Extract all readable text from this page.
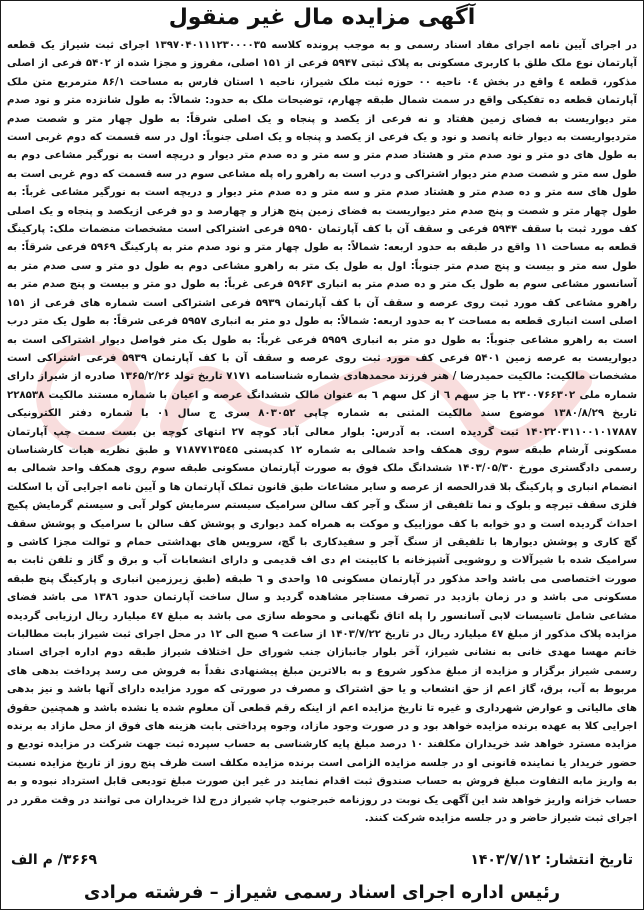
آگهی مزایده مال غیر منقول
در اجرای آیین نامه اجرای مفاد اسناد رسمی و به موجب پرونده کلاسه ۱۳۹۷۰۴۰۱۱۱۲۳۰۰۰۰۳۵ اجرای ثبت شیراز یک قطعه آپارتمان نوع ملک طلق با کاربری مسکونی به پلاک ثبتی ۵۹۴۷ فرعی از ۱۵۱ اصلی، مفروز و مجزا شده از ۵۴۰۲ فرعی از اصلی مذکور، قطعه ٤ واقع در بخش ٠٤ ناحیه ٠٠ حوزه ثبت ملک شیراز، ناحیه ۱ استان فارس به مساحت ۸۶/۱ مترمربع متن ملک آپارتمان قطعه ده تفکیکی واقع در سمت شمال طبقه چهارم، توضیحات ملک به حدود: شمالاً: به طول شانزده متر و نود صدم متر دیواریست به فضای زمین هفتاد و نه فرعی از یکصد و پنجاه و یک اصلی شرقاً: به طول چهار متر و شصت صدم متردیواریست به دیوار خانه پانصد و نود و یک فرعی از یکصد و پنجاه و یک اصلی جنوباً: اول در سه قسمت که دوم غربی است به طول های دو متر و نود صدم متر و هشتاد صدم متر و سه متر و ده صدم متر دیوار و دریچه است به نورگیر مشاعی دوم به طول سه متر و شصت صدم متر دیوار اشتراکی و درب است به راهرو راه پله مشاعی سوم در سه قسمت که دوم غربی است به طول های سه متر و ده صدم متر و هشتاد صدم متر و سه متر و ده صدم متر دیوار و دریچه است به نورگیر مشاعی غرباً: به طول چهار متر و شصت و پنج صدم متر دیواریست به فضای زمین پنج هزار و چهارصد و دو فرعی ازیکصد و پنجاه و یک اصلی کف مورد ثبت با سقف ۵۹۴۴ فرعی و سقف آن با کف آپارتمان ۵۹۵۰ فرعی اشتراکی است مشخصات منضمات ملک: پارکینگ قطعه به مساحت ۱۱ واقع در طبقه به حدود اربعه: شمالاً: به طول چهار متر و نود صدم متر به پارکینگ ۵۹۶۹ فرعی شرقاً: به طول سه متر و بیست و پنج صدم متر جنوباً: اول به طول یک متر به راهرو مشاعی دوم به طول دو متر و سی صدم متر به آسانسور مشاعی سوم به طول یک متر و ده صدم متر به انباری ۵۹۶۳ فرعی غرباً: به طول دو متر و بیست و پنج صدم متر به راهرو مشاعی کف مورد ثبت روی عرصه و سقف آن با کف آپارتمان ۵۹۳۹ فرعی اشتراکی است شماره های فرعی از ۱۵۱ اصلی است انباری قطعه به مساحت ۲ به حدود اربعه: شمالاً: به طول دو متر به انباری ۵۹۵۷ فرعی شرقاً: به طول یک متر درب است به راهرو مشاعی جنوباً: به طول دو متر به انباری ۵۹۵۹ فرعی غرباً: به طول یک متر فواصل دیوار اشتراکی است به دیواریست به عرصه زمین ۵۴۰۱ فرعی کف مورد ثبت روی عرصه و سقف آن با کف آپارتمان ۵۹۳۹ فرعی اشتراکی است مشخصات مالکیت: مالکیت حمیدرضا / هنر فرزند محمدهادی شماره شناسنامه ۷۱۷۱ تاریخ تولد ۱۳۶۵/۲/۲۶ صادره از شیراز دارای شماره ملی ۲۳۰۰۷۶۶۳۰۲ با جز سهم ٦ از کل سهم ٦ به عنوان مالک ششدانگ عرصه و اعیان با شماره مستند مالکیت ۲۲۸۵۳۸ تاریخ ۱۳۸۰/۸/۲۹ موضوع سند مالکیت المثنی به شماره چاپی ۸۰۳۰۵۲ سری ج سال ۰۱ با شماره دفتر الکترونیکی ۱۴۰۲۲۰۳۱۱۰۰۱۰۱۷۸۸۷ ثبت گردیده است. به آدرس: بلوار معالی آباد کوچه ۲۷ انتهای کوچه بن بست سمت چپ آپارتمان مسکونی آرشام طبقه سوم روی همکف واحد شمالی به شماره ۱۲ کدپستی ۷۱۸۷۷۱۳۵٤۵ و طبق نظریه هیات کارشناسان رسمی دادگستری مورخ ۱۴۰۳/۰۵/۳۰ ششدانگ ملک فوق به صورت آپارتمان مسکونی طبقه سوم روی همکف واحد شمالی به انضمام انباری و پارکینگ بلا قدرالحصه از عرصه و سایر مشاعات طبق قانون تملک آپارتمان ها و آیین نامه اجرایی آن با اسکلت فلزی سقف تیرچه و بلوک و نما تلفیقی از سنگ و آجر کف سالن سرامیک سیستم سرمایش کولر آبی و سیستم گرمایش پکیج احداث گردیده است و دو خوابه با کف موزاییک و موکت به همراه کمد دیواری و پوشش کف سالن با سرامیک و پوشش سقف گچ کاری و پوشش دیوارها با تلفیقی از سنگ آجر و سفیدکاری با گچ، سرویس های بهداشتی حمام و توالت مجزا کاشی و سرامیک شده با شیرآلات و روشویی آشپزخانه با کابینت ام دی اف قدیمی و دارای انشعابات آب و برق و گاز و تلفن ثابت به صورت اختصاصی می باشد واحد مذکور در آپارتمان مسکونی ۱۵ واحدی و ٦ طبقه (طبق زیرزمین انباری و پارکینگ پنج طبقه مسکونی می باشد و در زمان بازدید در تصرف مستاجر مشاهده گردید و سال ساخت آپارتمان حدود ۱۳۸٦ می باشد فضای مشاعی شامل تاسیسات لابی آسانسور را پله اتاق نگهبانی و محوطه سازی می باشد به مبلغ ٤۷ میلیارد ریال ارزیابی گردیده مزایده پلاک مذکور از مبلغ ٤۷ میلیارد ریال در تاریخ ۱۴۰۳/۷/۲۲ از ساعت ۹ صبح الی ۱۲ در محل اجرای ثبت شیراز بابت مطالبات خانم مهسا مهدی خانی به نشانی شیراز، آخر بلوار جانبازان جنب شورای حل اختلاف شیراز طبقه دوم اداره اجرای اسناد رسمی شیراز برگزار و مزایده از مبلغ مذکور شروع و به بالاترین مبلغ پیشنهادی نقداً به فروش می رسد پرداخت بدهی های مربوط به آب، برق، گاز اعم از حق انشعاب و یا حق اشتراک و مصرف در صورتی که مورد مزایده دارای آنها باشد و نیز بدهی های مالیاتی و عوارض شهرداری و غیره تا تاریخ مزایده اعم از اینکه رقم قطعی آن معلوم شده یا نشده باشد و همچنین حقوق اجرایی کلا به عهده برنده مزایده خواهد بود و در صورت وجود مازاد، وجوه پرداختی بابت هزینه های فوق از محل مازاد به برنده مزایده مسترد خواهد شد خریداران مکلفند ۱۰ درصد مبلغ پایه کارشناسی به حساب سپرده ثبت جهت شرکت در مزایده تودیع و حضور خریدار یا نماینده قانونی او در جلسه مزایده الزامی است برنده مزایده مکلف است ظرف پنج روز از تاریخ مزایده نسبت به واریز مابه التفاوت مبلغ فروش به حساب صندوق ثبت اقدام نمایند در غیر این صورت مبلغ تودیعی قابل استرداد نبوده و به حساب خزانه واریز خواهد شد این آگهی یک نوبت در روزنامه خبرجنوب چاپ شیراز درج لذا خریداران می توانند در وقت مقرر در اجرای ثبت شیراز حاضر و در جلسه مزایده شرکت کنند.
تاریخ انتشار: ۱۴۰۳/۷/۱۲
۳۶۶۹/ م الف
رئیس اداره اجرای اسناد رسمی شیراز – فرشته مرادی
